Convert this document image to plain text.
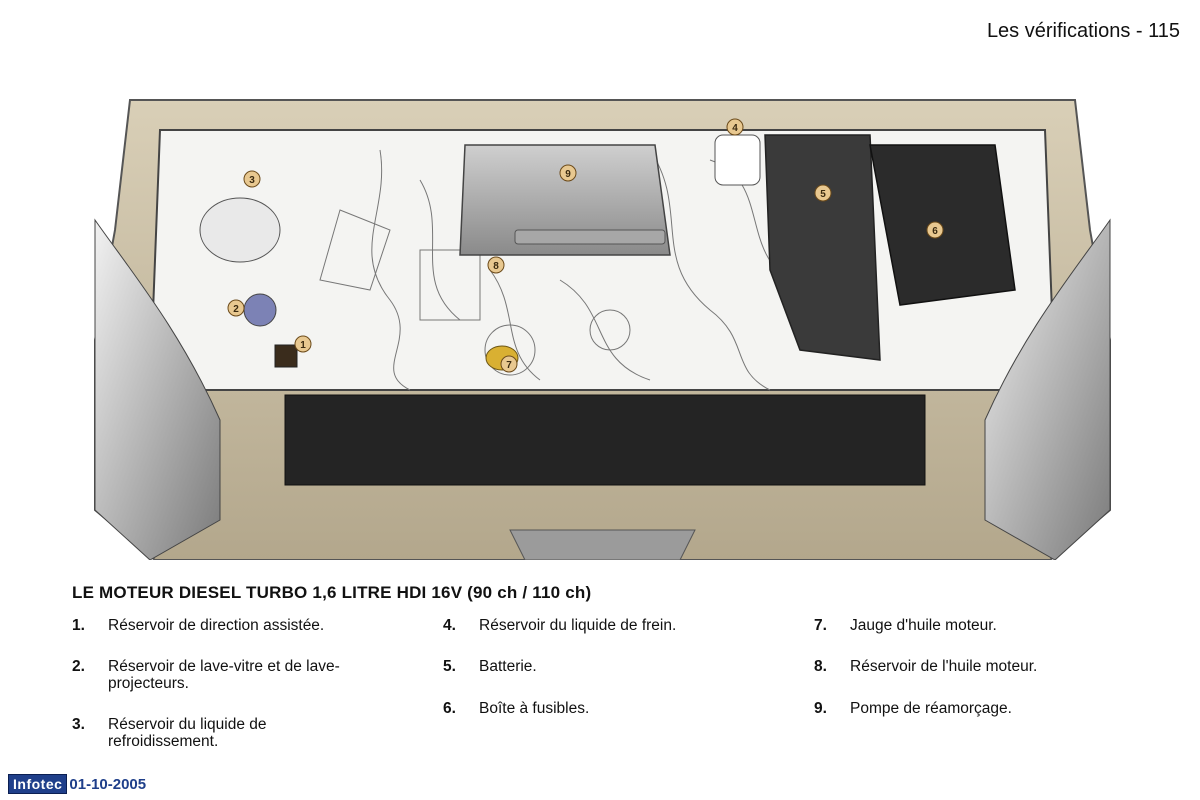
Les vérifications - 115
1
2
3
4
5
6
7
8
9
LE MOTEUR DIESEL TURBO 1,6 LITRE HDI 16V (90 ch / 110 ch)
1.	Réservoir de direction assistée.
2.	Réservoir de lave-vitre et de lave-projecteurs.
3.	Réservoir du liquide de refroidissement.
4.	Réservoir du liquide de frein.
5.	Batterie.
6.	Boîte à fusibles.
7.	Jauge d'huile moteur.
8.	Réservoir de l'huile moteur.
9.	Pompe de réamorçage.
Infotec 01-10-2005
